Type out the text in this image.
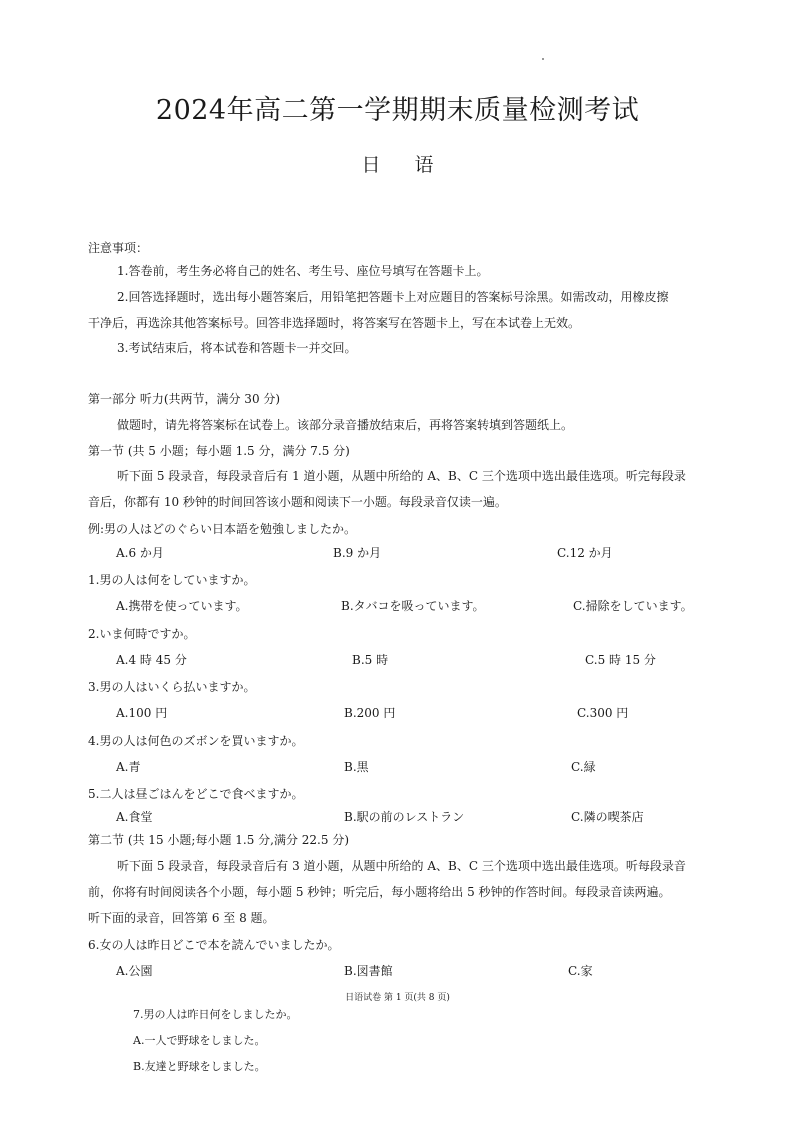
2024年高二第一学期期末质量检测考试
日 语
注意事项：
1.答卷前，考生务必将自己的姓名、考生号、座位号填写在答题卡上。
2.回答选择题时，选出每小题答案后，用铅笔把答题卡上对应题目的答案标号涂黑。如需改动，用橡皮擦
干净后，再选涂其他答案标号。回答非选择题时，将答案写在答题卡上，写在本试卷上无效。
3.考试结束后，将本试卷和答题卡一并交回。
第一部分 听力(共两节，满分 30 分)
做题时，请先将答案标在试卷上。该部分录音播放结束后，再将答案转填到答题纸上。
第一节 (共 5 小题；每小题 1.5 分，满分 7.5 分)
听下面 5 段录音，每段录音后有 1 道小题，从题中所给的 A、B、C 三个选项中选出最佳选项。听完每段录
音后，你都有 10 秒钟的时间回答该小题和阅读下一小题。每段录音仅读一遍。
例:男の人はどのぐらい日本語を勉強しましたか。
A.6 か月	B.9 か月	C.12 か月
1.男の人は何をしていますか。
A.携帯を使っています。	B.タバコを吸っています。	C.掃除をしています。
2.いま何時ですか。
A.4 時 45 分	B.5 時	C.5 時 15 分
3.男の人はいくら払いますか。
A.100 円	B.200 円	C.300 円
4.男の人は何色のズボンを買いますか。
A.青	B.黒	C.緑
5.二人は昼ごはんをどこで食べますか。
A.食堂	B.駅の前のレストラン	C.隣の喫茶店
第二节 (共 15 小题;每小题 1.5 分,满分 22.5 分)
听下面 5 段录音，每段录音后有 3 道小题，从题中所给的 A、B、C 三个选项中选出最佳选项。听每段录音
前，你将有时间阅读各个小题，每小题 5 秒钟；听完后，每小题将给出 5 秒钟的作答时间。每段录音读两遍。
听下面的录音，回答第 6 至 8 题。
6.女の人は昨日どこで本を読んでいましたか。
A.公園	B.図書館	C.家
日语试卷 第 1 页(共 8 页)
7.男の人は昨日何をしましたか。
A.一人で野球をしました。
B.友達と野球をしました。
